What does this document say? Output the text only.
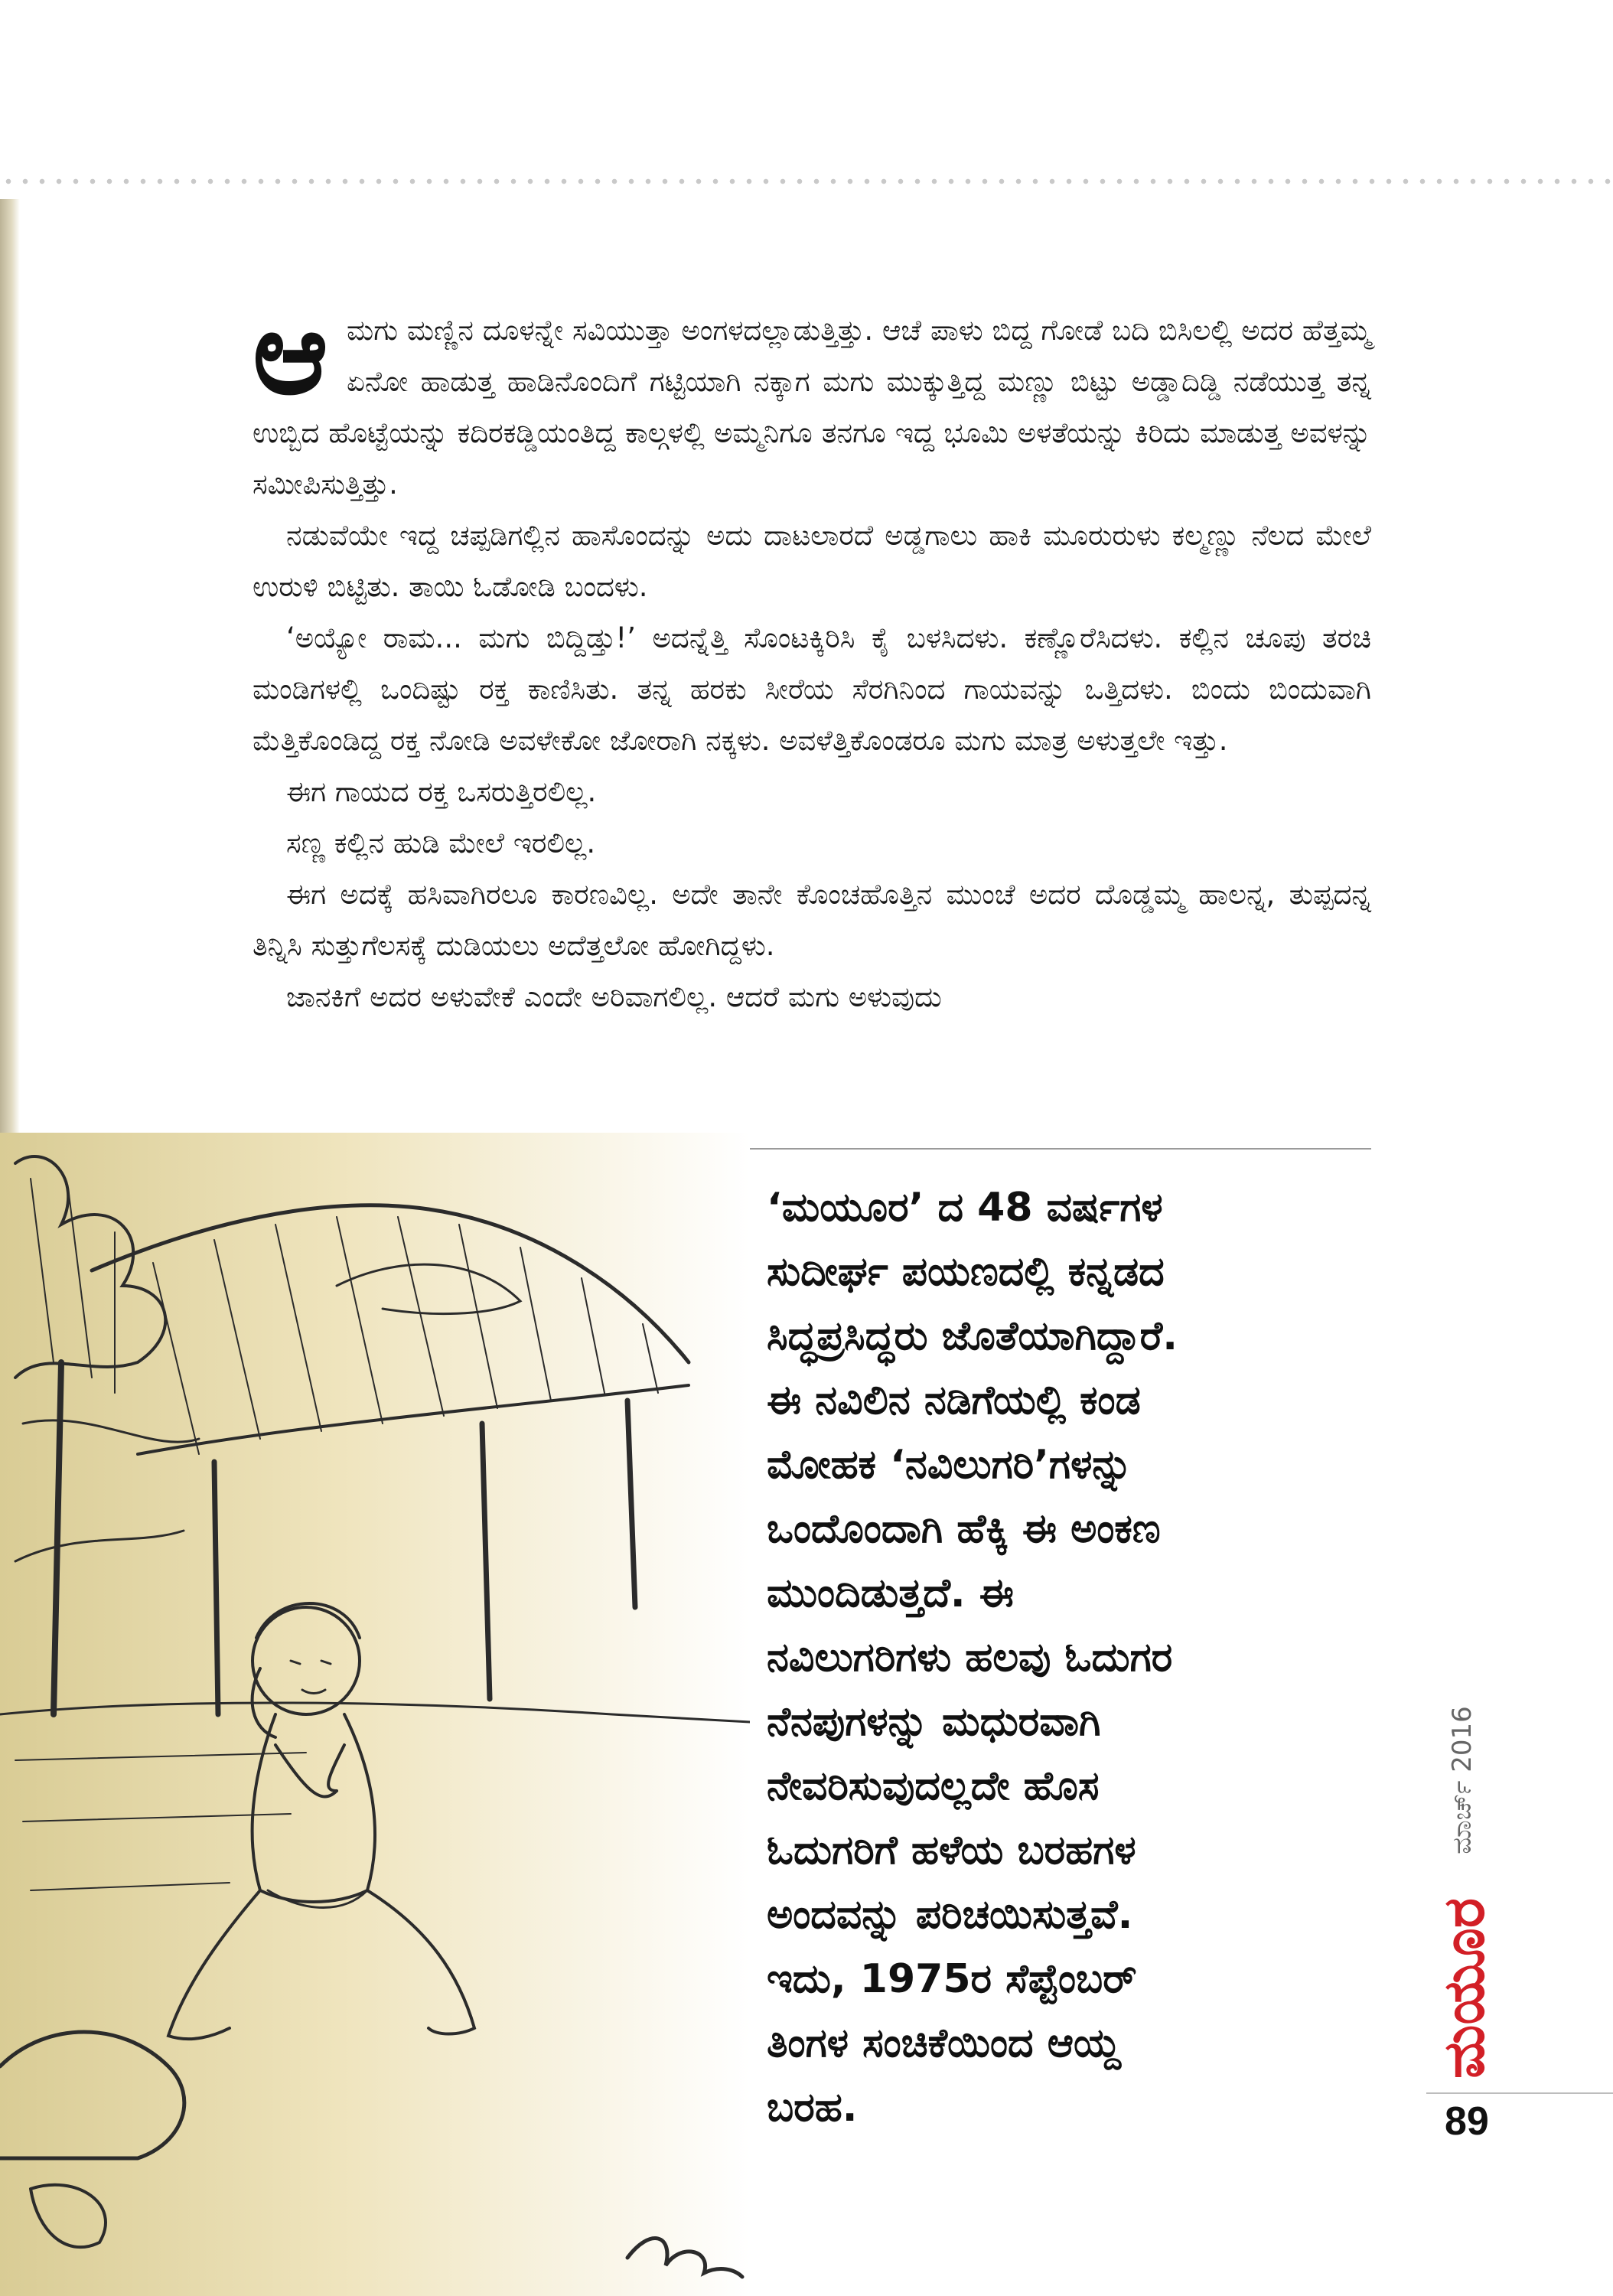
ಆ ಮಗು ಮಣ್ಣಿನ ದೂಳನ್ನೇ ಸವಿಯುತ್ತಾ ಅಂಗಳದಲ್ಲಾಡುತ್ತಿತ್ತು. ಆಚೆ ಪಾಳು ಬಿದ್ದ ಗೋಡೆ ಬದಿ ಬಿಸಿಲಲ್ಲಿ ಅದರ ಹೆತ್ತಮ್ಮ ಏನೋ ಹಾಡುತ್ತ ಹಾಡಿನೊಂದಿಗೆ ಗಟ್ಟಿಯಾಗಿ ನಕ್ಕಾಗ ಮಗು ಮುಕ್ಕುತ್ತಿದ್ದ ಮಣ್ಣು ಬಿಟ್ಟು ಅಡ್ಡಾದಿಡ್ಡಿ ನಡೆಯುತ್ತ ತನ್ನ ಉಬ್ಬಿದ ಹೊಟ್ಟೆಯನ್ನು ಕದಿರಕಡ್ಡಿಯಂತಿದ್ದ ಕಾಲ್ಗಳಲ್ಲಿ ಅಮ್ಮನಿಗೂ ತನಗೂ ಇದ್ದ ಭೂಮಿ ಅಳತೆಯನ್ನು ಕಿರಿದು ಮಾಡುತ್ತ ಅವಳನ್ನು ಸಮೀಪಿಸುತ್ತಿತ್ತು.

ನಡುವೆಯೇ ಇದ್ದ ಚಪ್ಪಡಿಗಲ್ಲಿನ ಹಾಸೊಂದನ್ನು ಅದು ದಾಟಲಾರದೆ ಅಡ್ಡಗಾಲು ಹಾಕಿ ಮೂರುರುಳು ಕಲ್ಮಣ್ಣು ನೆಲದ ಮೇಲೆ ಉರುಳಿ ಬಿಟ್ಟಿತು. ತಾಯಿ ಓಡೋಡಿ ಬಂದಳು.

‘ಅಯ್ಯೋ ರಾಮ... ಮಗು ಬಿದ್ದಿಡ್ತು!’ ಅದನ್ನೆತ್ತಿ ಸೊಂಟಕ್ಕಿರಿಸಿ ಕೈ ಬಳಸಿದಳು. ಕಣ್ಣೊರೆಸಿದಳು. ಕಲ್ಲಿನ ಚೂಪು ತರಚಿ ಮಂಡಿಗಳಲ್ಲಿ ಒಂದಿಷ್ಟು ರಕ್ತ ಕಾಣಿಸಿತು. ತನ್ನ ಹರಕು ಸೀರೆಯ ಸೆರಗಿನಿಂದ ಗಾಯವನ್ನು ಒತ್ತಿದಳು. ಬಿಂದು ಬಿಂದುವಾಗಿ ಮೆತ್ತಿಕೊಂಡಿದ್ದ ರಕ್ತ ನೋಡಿ ಅವಳೇಕೋ ಜೋರಾಗಿ ನಕ್ಕಳು. ಅವಳೆತ್ತಿಕೊಂಡರೂ ಮಗು ಮಾತ್ರ ಅಳುತ್ತಲೇ ಇತ್ತು.

ಈಗ ಗಾಯದ ರಕ್ತ ಒಸರುತ್ತಿರಲಿಲ್ಲ.

ಸಣ್ಣ ಕಲ್ಲಿನ ಹುಡಿ ಮೇಲೆ ಇರಲಿಲ್ಲ.

ಈಗ ಅದಕ್ಕೆ ಹಸಿವಾಗಿರಲೂ ಕಾರಣವಿಲ್ಲ. ಅದೇ ತಾನೇ ಕೊಂಚಹೊತ್ತಿನ ಮುಂಚೆ ಅದರ ದೊಡ್ಡಮ್ಮ ಹಾಲನ್ನ, ತುಪ್ಪದನ್ನ ತಿನ್ನಿಸಿ ಸುತ್ತುಗೆಲಸಕ್ಕೆ ದುಡಿಯಲು ಅದೆತ್ತಲೋ ಹೋಗಿದ್ದಳು.

ಜಾನಕಿಗೆ ಅದರ ಅಳುವೇಕೆ ಎಂದೇ ಅರಿವಾಗಲಿಲ್ಲ. ಆದರೆ ಮಗು ಅಳುವುದು

‘ಮಯೂರ’ ದ 48 ವರ್ಷಗಳ
ಸುದೀರ್ಘ ಪಯಣದಲ್ಲಿ ಕನ್ನಡದ
ಸಿದ್ಧಪ್ರಸಿದ್ಧರು ಜೊತೆಯಾಗಿದ್ದಾರೆ.
ಈ ನವಿಲಿನ ನಡಿಗೆಯಲ್ಲಿ ಕಂಡ
ಮೋಹಕ ‘ನವಿಲುಗರಿ’ಗಳನ್ನು
ಒಂದೊಂದಾಗಿ ಹೆಕ್ಕಿ ಈ ಅಂಕಣ
ಮುಂದಿಡುತ್ತದೆ. ಈ
ನವಿಲುಗರಿಗಳು ಹಲವು ಓದುಗರ
ನೆನಪುಗಳನ್ನು ಮಧುರವಾಗಿ
ನೇವರಿಸುವುದಲ್ಲದೇ ಹೊಸ
ಓದುಗರಿಗೆ ಹಳೆಯ ಬರಹಗಳ
ಅಂದವನ್ನು ಪರಿಚಯಿಸುತ್ತವೆ.
ಇದು, 1975ರ ಸೆಪ್ಟೆಂಬರ್
ತಿಂಗಳ ಸಂಚಿಕೆಯಿಂದ ಆಯ್ದ
ಬರಹ.
ಮಾರ್ಚ್ 2016
ಮಯೂರ
89
